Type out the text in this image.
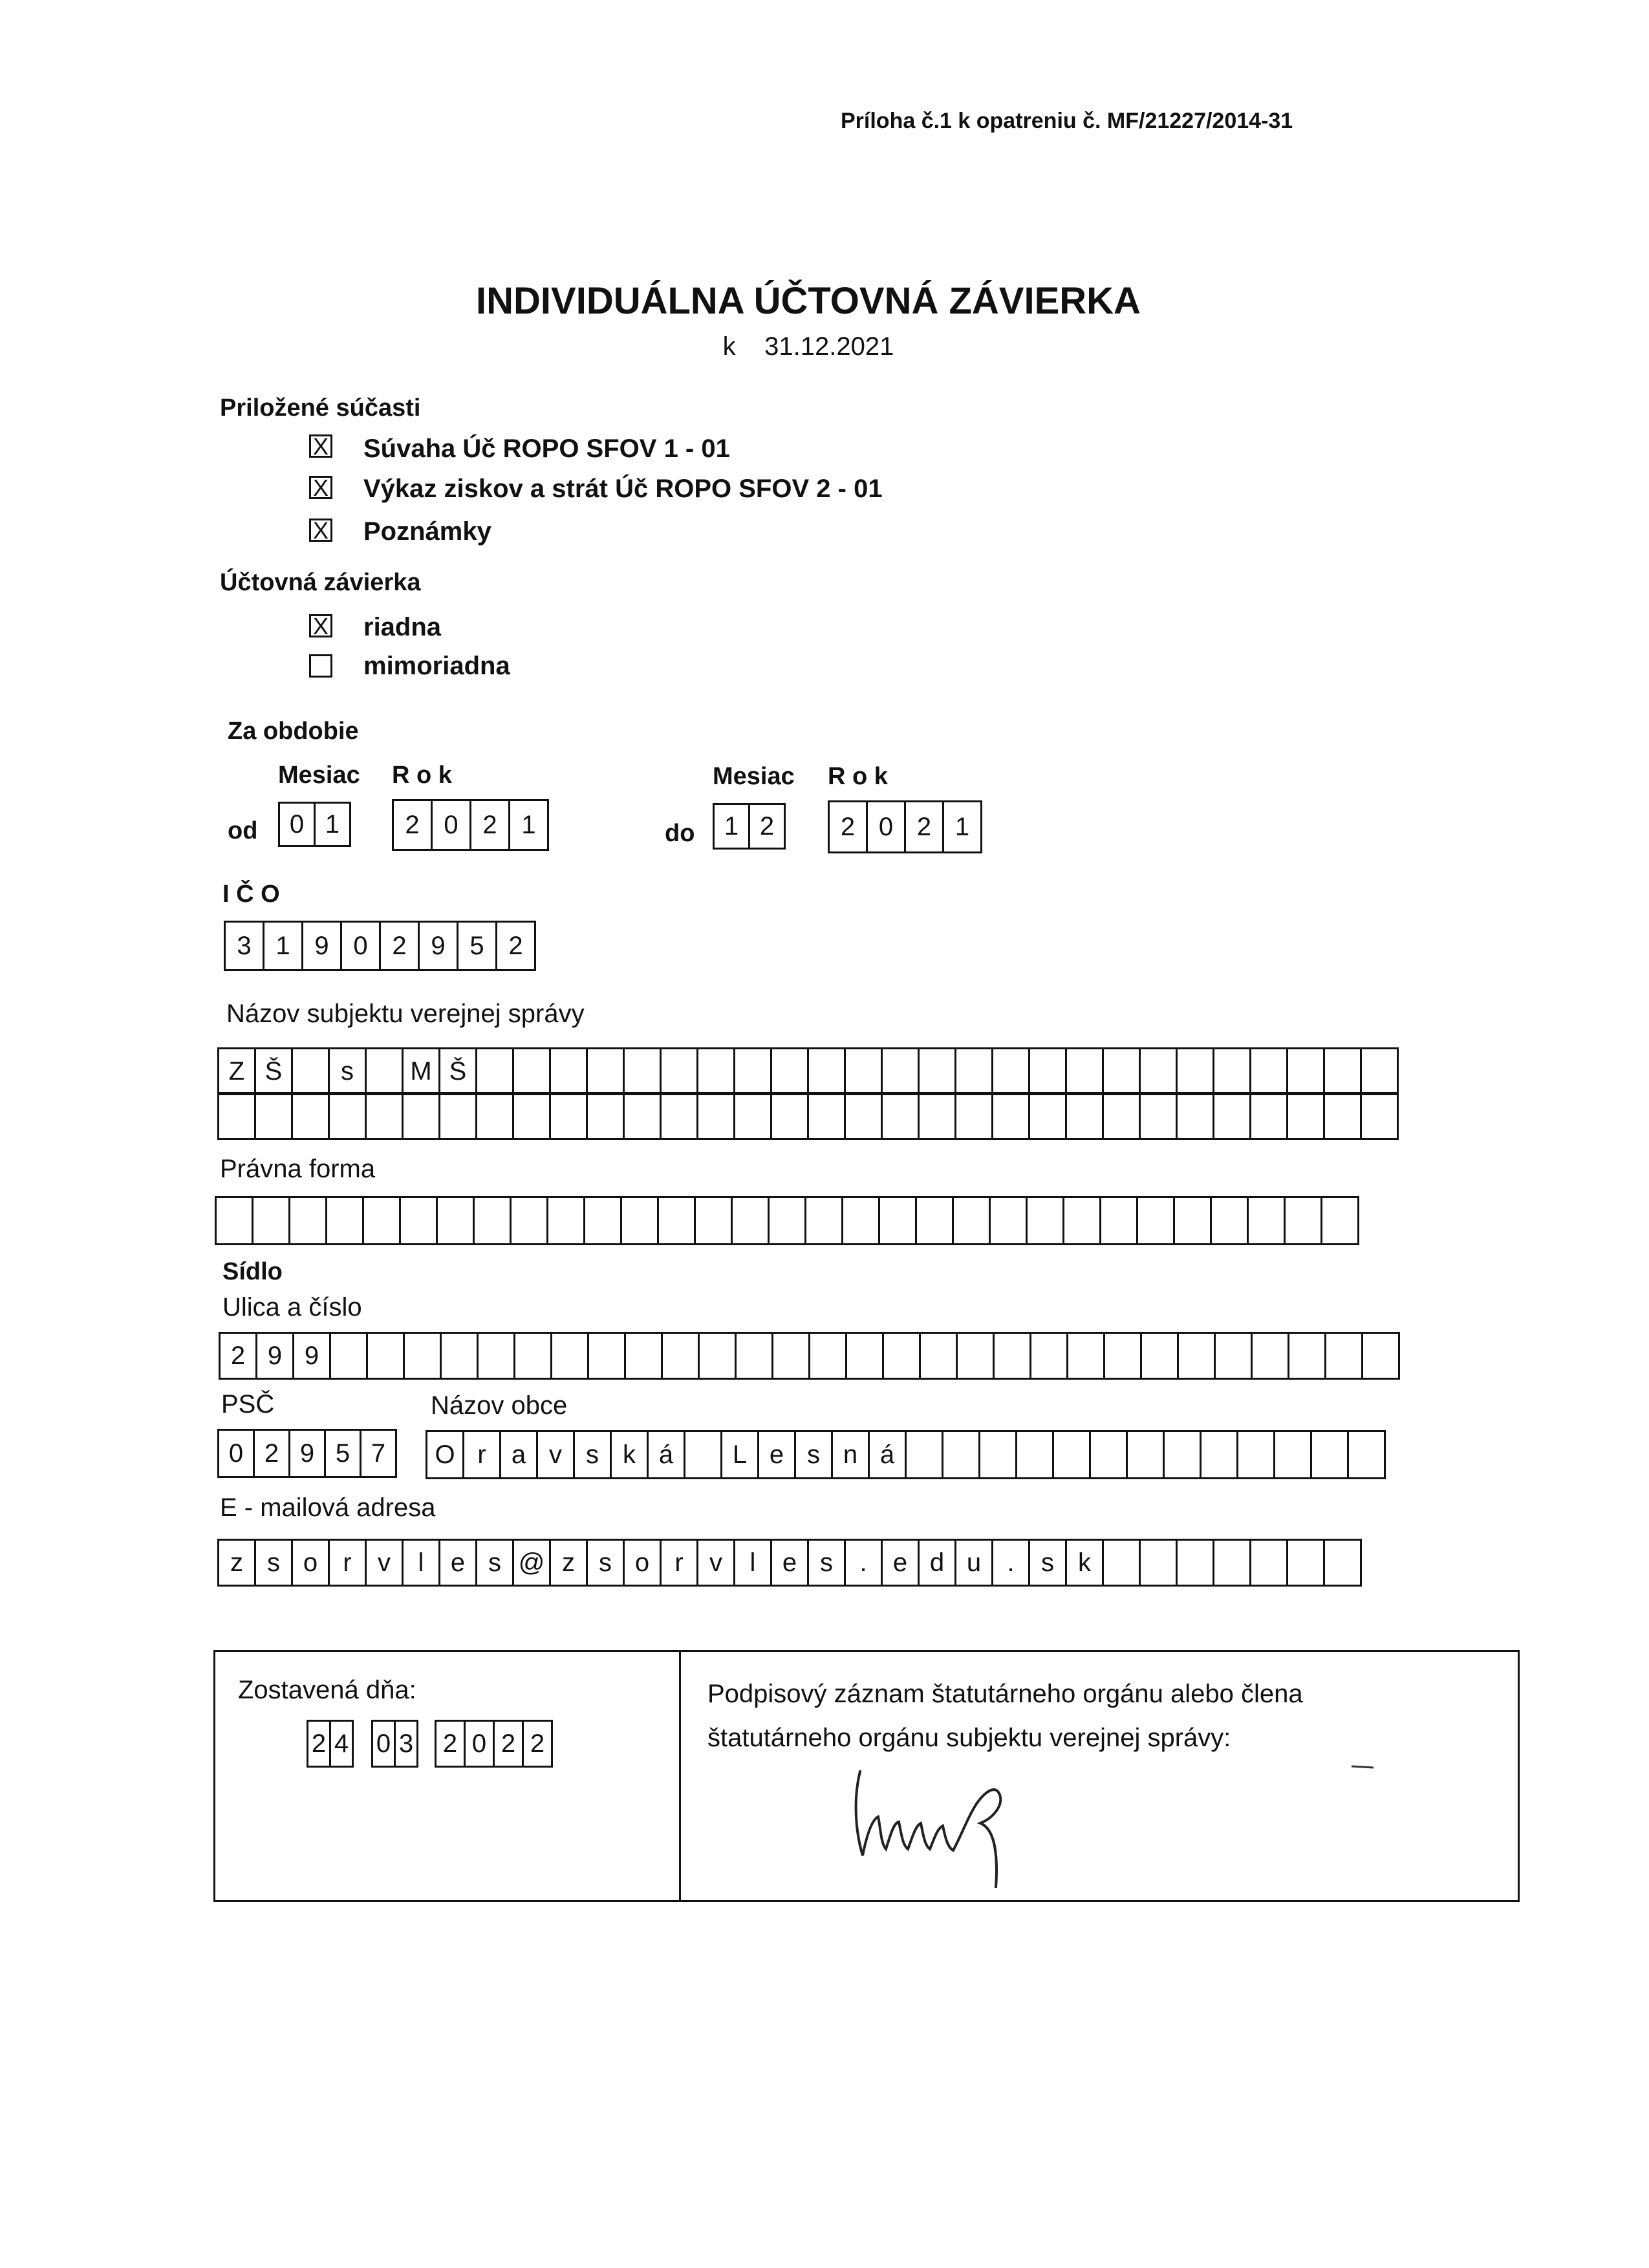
Príloha č.1 k opatreniu č. MF/21227/2014-31
INDIVIDUÁLNA ÚČTOVNÁ ZÁVIERKA
k 31.12.2021
Priložené súčasti
X Súvaha Úč ROPO SFOV 1 - 01
X Výkaz ziskov a strát Úč ROPO SFOV 2 - 01
X Poznámky
Účtovná závierka
X riadna
mimoriadna
Za obdobie
Mesiac R o k	Mesiac R o k
od	0 1	2 0 2 1	do	1 2	2 0 2 1
I Č O
3 1 9 0 2 9 5 2
Názov subjektu verejnej správy
Z Š	s	M Š
Právna forma
Sídlo
Ulica a číslo
2 9 9
PSČ	Názov obce
0 2 9 5 7	O r a v s k á	L e s n á
E - mailová adresa
z s o r	v	l	e s @ z s o r	v	l	e s	.	e d u	.	s k
Zostavená dňa:
2 4 0 3	2 0 2 2
Podpisový záznam štatutárneho orgánu alebo člena
štatutárneho orgánu subjektu verejnej správy:
